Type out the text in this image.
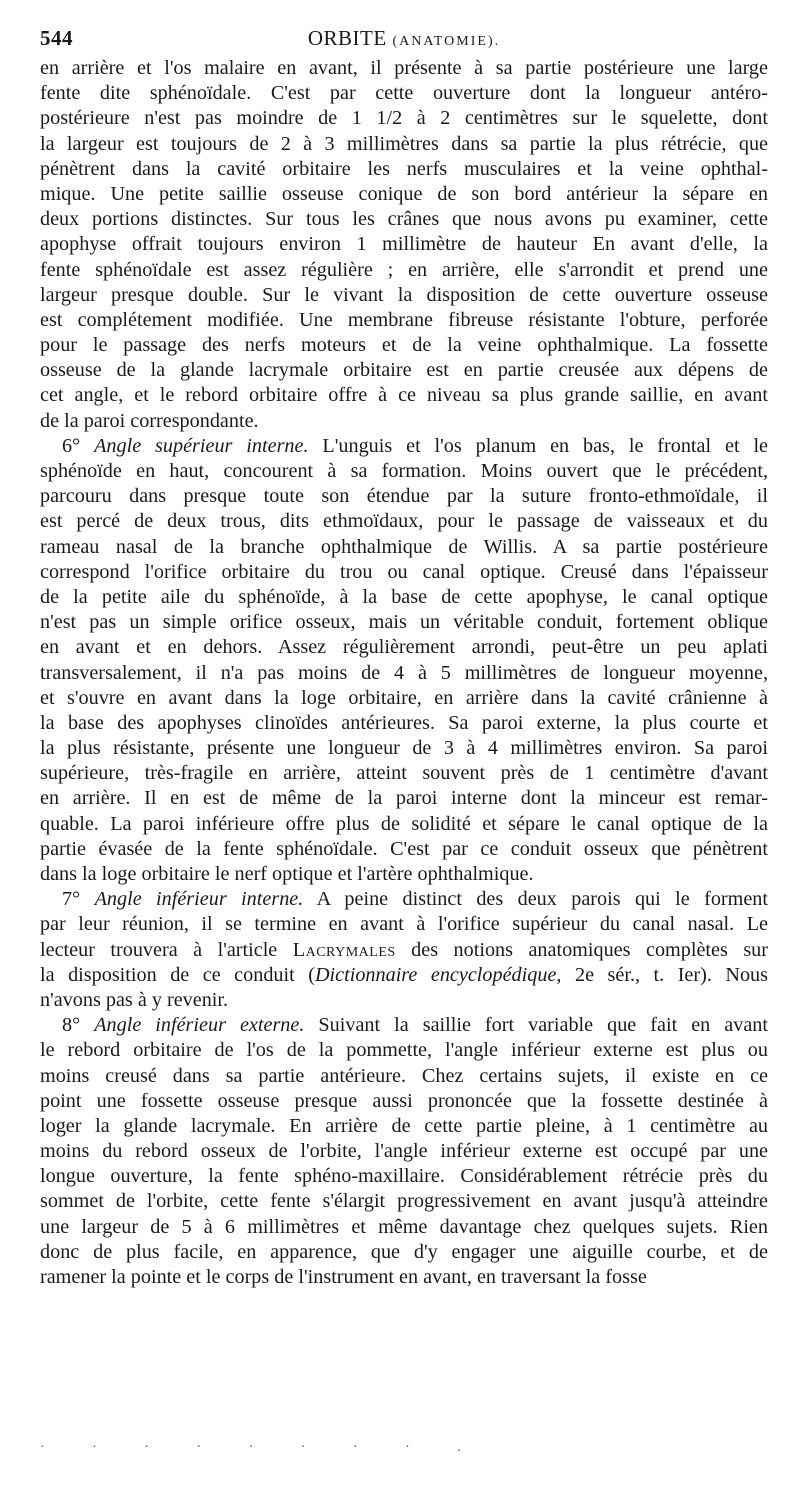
544	ORBITE (ANATOMIE).
en arrière et l'os malaire en avant, il présente à sa partie postérieure une large
fente dite sphénoïdale. C'est par cette ouverture dont la longueur antéro-
postérieure n'est pas moindre de 1 1/2 à 2 centimètres sur le squelette, dont
la largeur est toujours de 2 à 3 millimètres dans sa partie la plus rétrécie, que
pénètrent dans la cavité orbitaire les nerfs musculaires et la veine ophthal-
mique. Une petite saillie osseuse conique de son bord antérieur la sépare en
deux portions distinctes. Sur tous les crânes que nous avons pu examiner, cette
apophyse offrait toujours environ 1 millimètre de hauteur En avant d'elle, la
fente sphénoïdale est assez régulière ; en arrière, elle s'arrondit et prend une
largeur presque double. Sur le vivant la disposition de cette ouverture osseuse
est complétement modifiée. Une membrane fibreuse résistante l'obture, perforée
pour le passage des nerfs moteurs et de la veine ophthalmique. La fossette
osseuse de la glande lacrymale orbitaire est en partie creusée aux dépens de
cet angle, et le rebord orbitaire offre à ce niveau sa plus grande saillie, en avant
de la paroi correspondante.
6° Angle supérieur interne. L'unguis et l'os planum en bas, le frontal et le
sphénoïde en haut, concourent à sa formation. Moins ouvert que le précédent,
parcouru dans presque toute son étendue par la suture fronto-ethmoïdale, il
est percé de deux trous, dits ethmoïdaux, pour le passage de vaisseaux et du
rameau nasal de la branche ophthalmique de Willis. A sa partie postérieure
correspond l'orifice orbitaire du trou ou canal optique. Creusé dans l'épaisseur
de la petite aile du sphénoïde, à la base de cette apophyse, le canal optique
n'est pas un simple orifice osseux, mais un véritable conduit, fortement oblique
en avant et en dehors. Assez régulièrement arrondi, peut-être un peu aplati
transversalement, il n'a pas moins de 4 à 5 millimètres de longueur moyenne,
et s'ouvre en avant dans la loge orbitaire, en arrière dans la cavité crânienne à
la base des apophyses clinoïdes antérieures. Sa paroi externe, la plus courte et
la plus résistante, présente une longueur de 3 à 4 millimètres environ. Sa paroi
supérieure, très-fragile en arrière, atteint souvent près de 1 centimètre d'avant
en arrière. Il en est de même de la paroi interne dont la minceur est remar-
quable. La paroi inférieure offre plus de solidité et sépare le canal optique de la
partie évasée de la fente sphénoïdale. C'est par ce conduit osseux que pénètrent
dans la loge orbitaire le nerf optique et l'artère ophthalmique.
7° Angle inférieur interne. A peine distinct des deux parois qui le forment
par leur réunion, il se termine en avant à l'orifice supérieur du canal nasal. Le
lecteur trouvera à l'article Lacrymales des notions anatomiques complètes sur
la disposition de ce conduit (Dictionnaire encyclopédique, 2e sér., t. Ier). Nous
n'avons pas à y revenir.
8° Angle inférieur externe. Suivant la saillie fort variable que fait en avant
le rebord orbitaire de l'os de la pommette, l'angle inférieur externe est plus ou
moins creusé dans sa partie antérieure. Chez certains sujets, il existe en ce
point une fossette osseuse presque aussi prononcée que la fossette destinée à
loger la glande lacrymale. En arrière de cette partie pleine, à 1 centimètre au
moins du rebord osseux de l'orbite, l'angle inférieur externe est occupé par une
longue ouverture, la fente sphéno-maxillaire. Considérablement rétrécie près du
sommet de l'orbite, cette fente s'élargit progressivement en avant jusqu'à atteindre
une largeur de 5 à 6 millimètres et même davantage chez quelques sujets. Rien
donc de plus facile, en apparence, que d'y engager une aiguille courbe, et de
ramener la pointe et le corps de l'instrument en avant, en traversant la fosse
· · · · · · · · .
